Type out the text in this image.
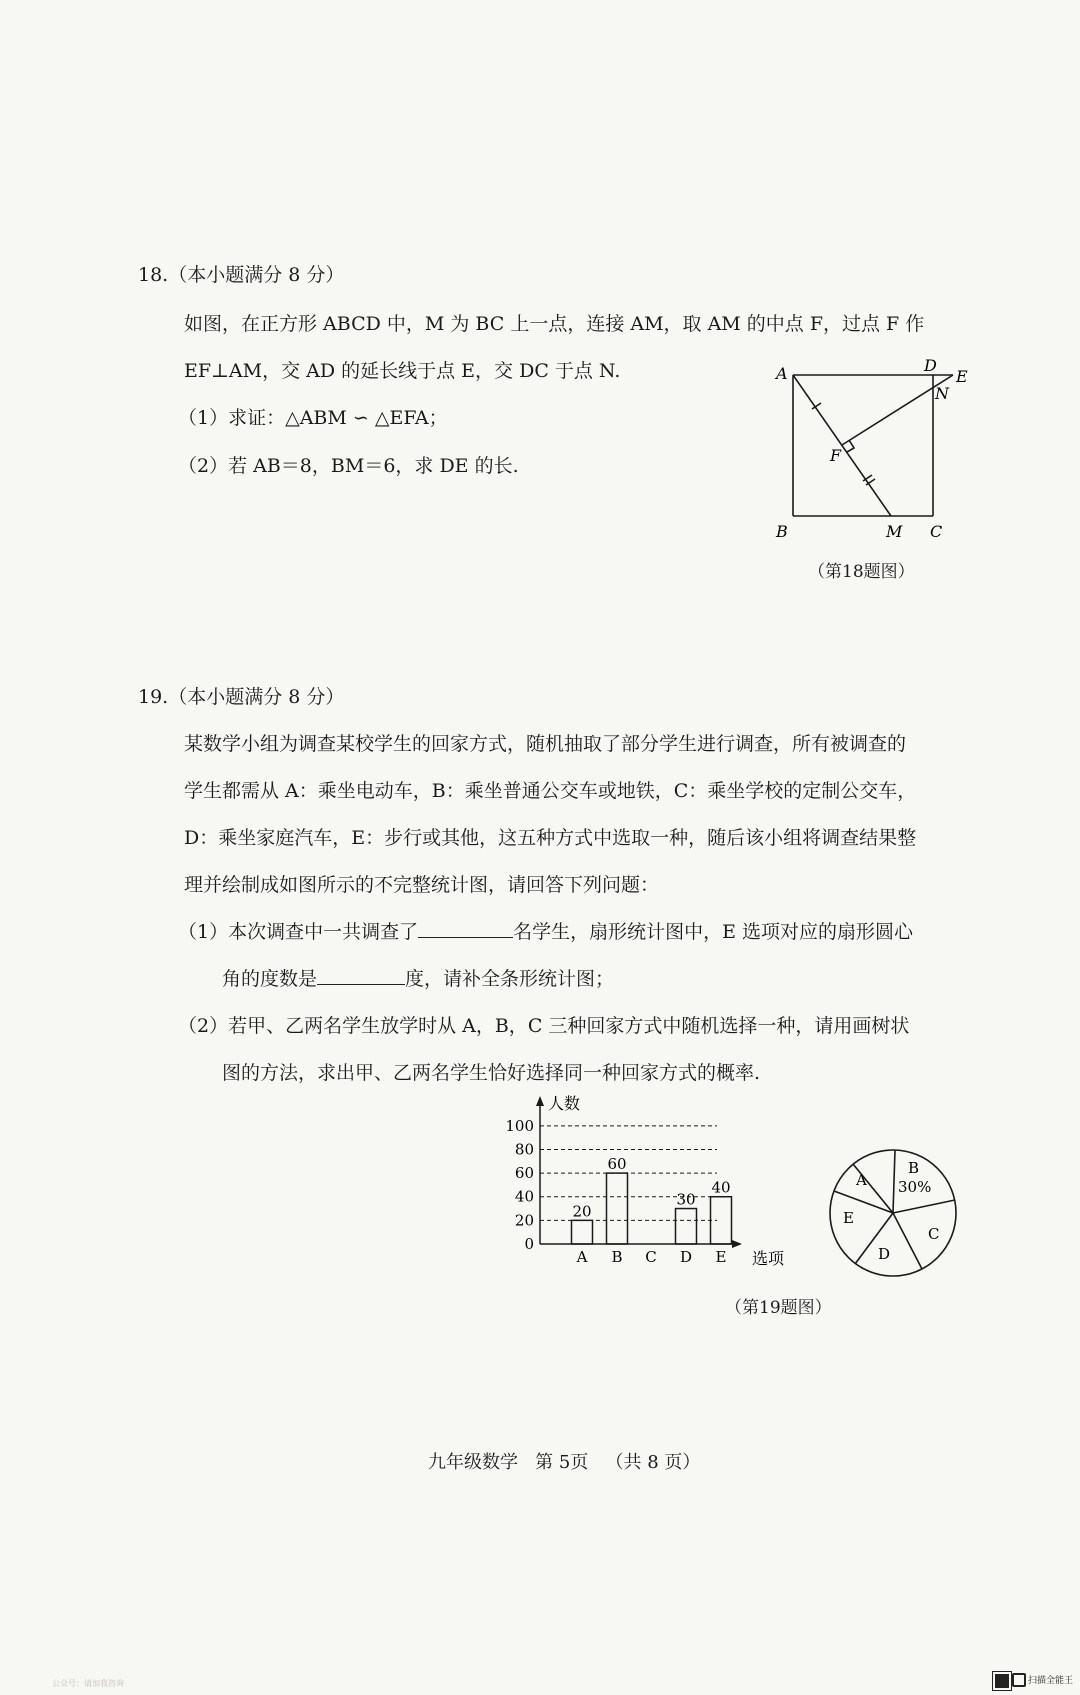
18.（本小题满分 8 分）
如图，在正方形 ABCD 中，M 为 BC 上一点，连接 AM，取 AM 的中点 F，过点 F 作
EF⊥AM，交 AD 的延长线于点 E，交 DC 于点 N.
（1）求证：△ABM ∽ △EFA；
（2）若 AB＝8，BM＝6，求 DE 的长.
A	D
E
N
F
B	M C
（第18题图）
19.（本小题满分 8 分）
某数学小组为调查某校学生的回家方式，随机抽取了部分学生进行调查，所有被调查的
学生都需从 A：乘坐电动车，B：乘坐普通公交车或地铁，C：乘坐学校的定制公交车，
D：乘坐家庭汽车，E：步行或其他，这五种方式中选取一种，随后该小组将调查结果整
理并绘制成如图所示的不完整统计图，请回答下列问题：
（1）本次调查中一共调查了	名学生，扇形统计图中，E 选项对应的扇形圆心
角的度数是	度，请补全条形统计图；
（2）若甲、乙两名学生放学时从 A，B，C 三种回家方式中随机选择一种，请用画树状
图的方法，求出甲、乙两名学生恰好选择同一种回家方式的概率.
0
20
40
60
80
100
20
60
30
40
A B C D E
人数
选项
A
B
30%
C
D
E
（第19题图）
九年级数学 第 5页 （共 8 页）
公众号：请加我咨询	扫描全能王
